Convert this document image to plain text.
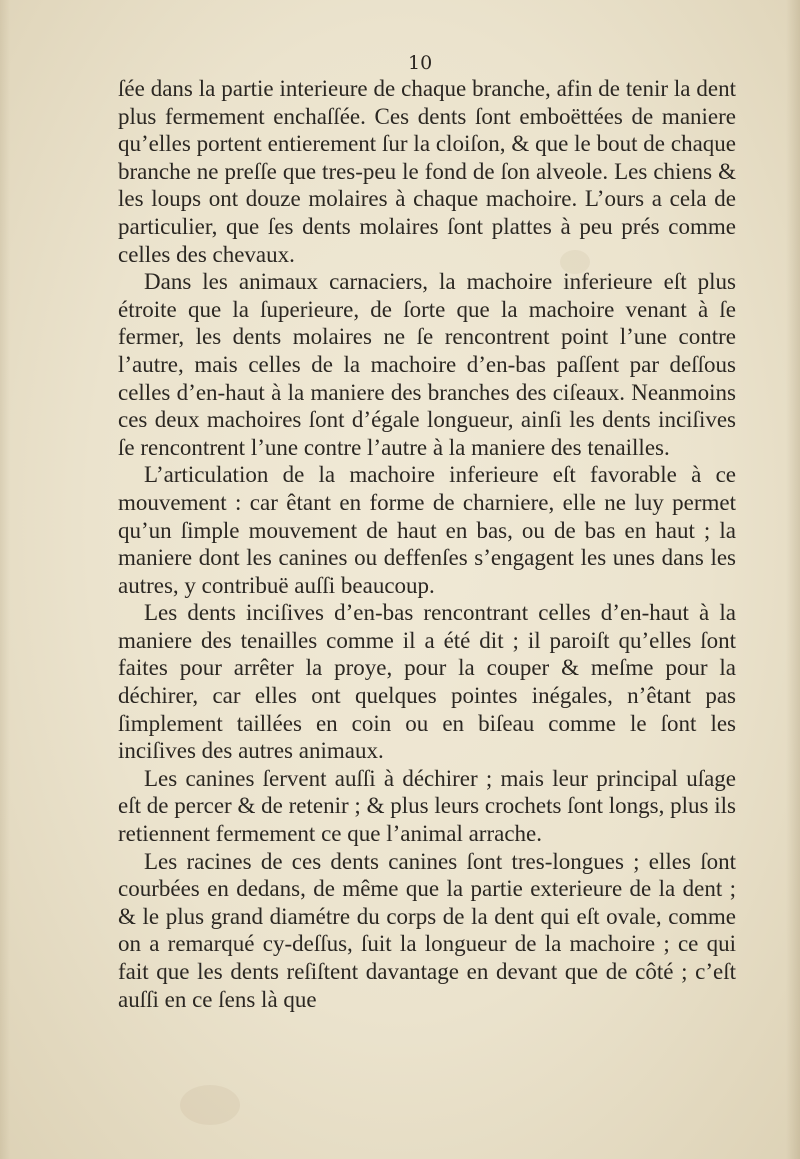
10

ſée dans la partie interieure de chaque branche, afin de tenir la dent plus fermement enchaſſée. Ces dents ſont emboëttées de maniere qu’elles portent entierement ſur la cloiſon, & que le bout de chaque branche ne preſſe que tres-peu le fond de ſon alveole. Les chiens & les loups ont douze molaires à chaque machoire. L’ours a cela de particulier, que ſes dents molaires ſont plattes à peu prés comme celles des chevaux.

Dans les animaux carnaciers, la machoire inferieure eſt plus étroite que la ſuperieure, de ſorte que la machoire venant à ſe fermer, les dents molaires ne ſe rencontrent point l’une contre l’autre, mais celles de la machoire d’en-bas paſſent par deſſous celles d’en-haut à la maniere des branches des ciſeaux. Neanmoins ces deux machoires ſont d’égale longueur, ainſi les dents inciſives ſe rencontrent l’une contre l’autre à la maniere des tenailles.

L’articulation de la machoire inferieure eſt favorable à ce mouvement : car êtant en forme de charniere, elle ne luy permet qu’un ſimple mouvement de haut en bas, ou de bas en haut ; la maniere dont les canines ou deffenſes s’engagent les unes dans les autres, y contribuë auſſi beaucoup.

Les dents inciſives d’en-bas rencontrant celles d’en-haut à la maniere des tenailles comme il a été dit ; il paroiſt qu’elles ſont faites pour arrêter la proye, pour la couper & meſme pour la déchirer, car elles ont quelques pointes inégales, n’êtant pas ſimplement taillées en coin ou en biſeau comme le ſont les inciſives des autres animaux.

Les canines ſervent auſſi à déchirer ; mais leur principal uſage eſt de percer & de retenir ; & plus leurs crochets ſont longs, plus ils retiennent fermement ce que l’animal arrache.

Les racines de ces dents canines ſont tres-longues ; elles ſont courbées en dedans, de même que la partie exterieure de la dent ; & le plus grand diamétre du corps de la dent qui eſt ovale, comme on a remarqué cy-deſſus, ſuit la longueur de la machoire ; ce qui fait que les dents reſiſtent davantage en devant que de côté ; c’eſt auſſi en ce ſens là que
